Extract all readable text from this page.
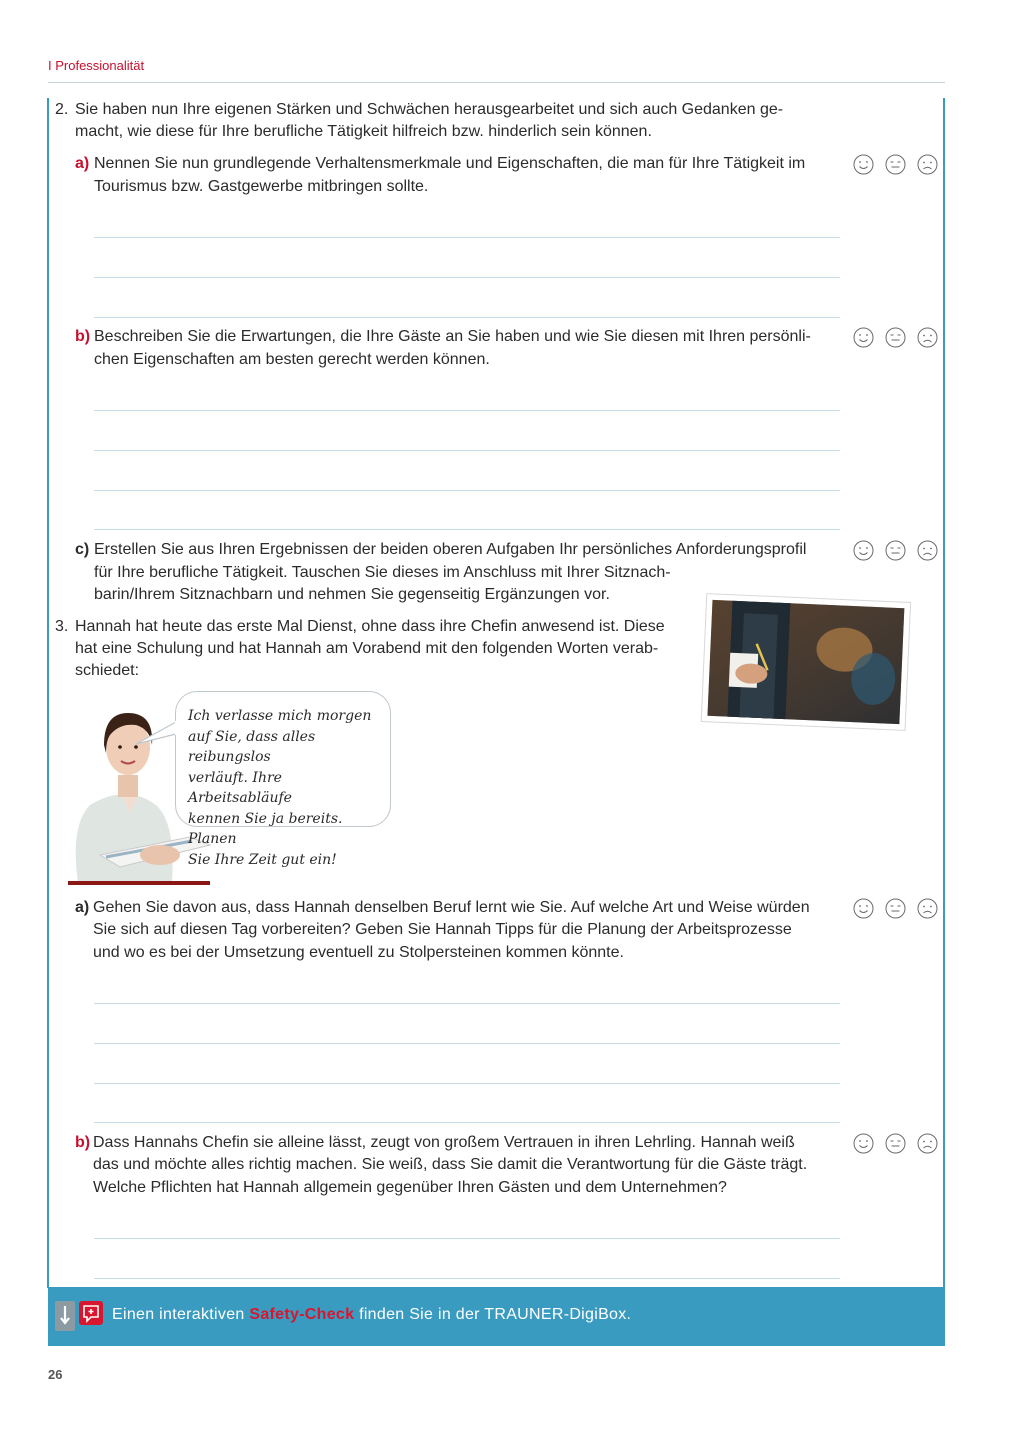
I Professionalität
2. Sie haben nun Ihre eigenen Stärken und Schwächen herausgearbeitet und sich auch Gedanken ge-
macht, wie diese für Ihre berufliche Tätigkeit hilfreich bzw. hinderlich sein können.
a) Nennen Sie nun grundlegende Verhaltensmerkmale und Eigenschaften, die man für Ihre Tätigkeit im
Tourismus bzw. Gastgewerbe mitbringen sollte.
b) Beschreiben Sie die Erwartungen, die Ihre Gäste an Sie haben und wie Sie diesen mit Ihren persönli-
chen Eigenschaften am besten gerecht werden können.
c) Erstellen Sie aus Ihren Ergebnissen der beiden oberen Aufgaben Ihr persönliches Anforderungsprofil
für Ihre berufliche Tätigkeit. Tauschen Sie dieses im Anschluss mit Ihrer Sitznach-
barin/Ihrem Sitznachbarn und nehmen Sie gegenseitig Ergänzungen vor.
3. Hannah hat heute das erste Mal Dienst, ohne dass ihre Chefin anwesend ist. Diese
hat eine Schulung und hat Hannah am Vorabend mit den folgenden Worten verab-
schiedet:
Ich verlasse mich morgen
auf Sie, dass alles reibungslos
verläuft. Ihre Arbeitsabläufe
kennen Sie ja bereits. Planen
Sie Ihre Zeit gut ein!
a) Gehen Sie davon aus, dass Hannah denselben Beruf lernt wie Sie. Auf welche Art und Weise würden
Sie sich auf diesen Tag vorbereiten? Geben Sie Hannah Tipps für die Planung der Arbeitsprozesse
und wo es bei der Umsetzung eventuell zu Stolpersteinen kommen könnte.
b) Dass Hannahs Chefin sie alleine lässt, zeugt von großem Vertrauen in ihren Lehrling. Hannah weiß
das und möchte alles richtig machen. Sie weiß, dass Sie damit die Verantwortung für die Gäste trägt.
Welche Pflichten hat Hannah allgemein gegenüber Ihren Gästen und dem Unternehmen?
Einen interaktiven Safety-Check finden Sie in der TRAUNER-DigiBox.
26
